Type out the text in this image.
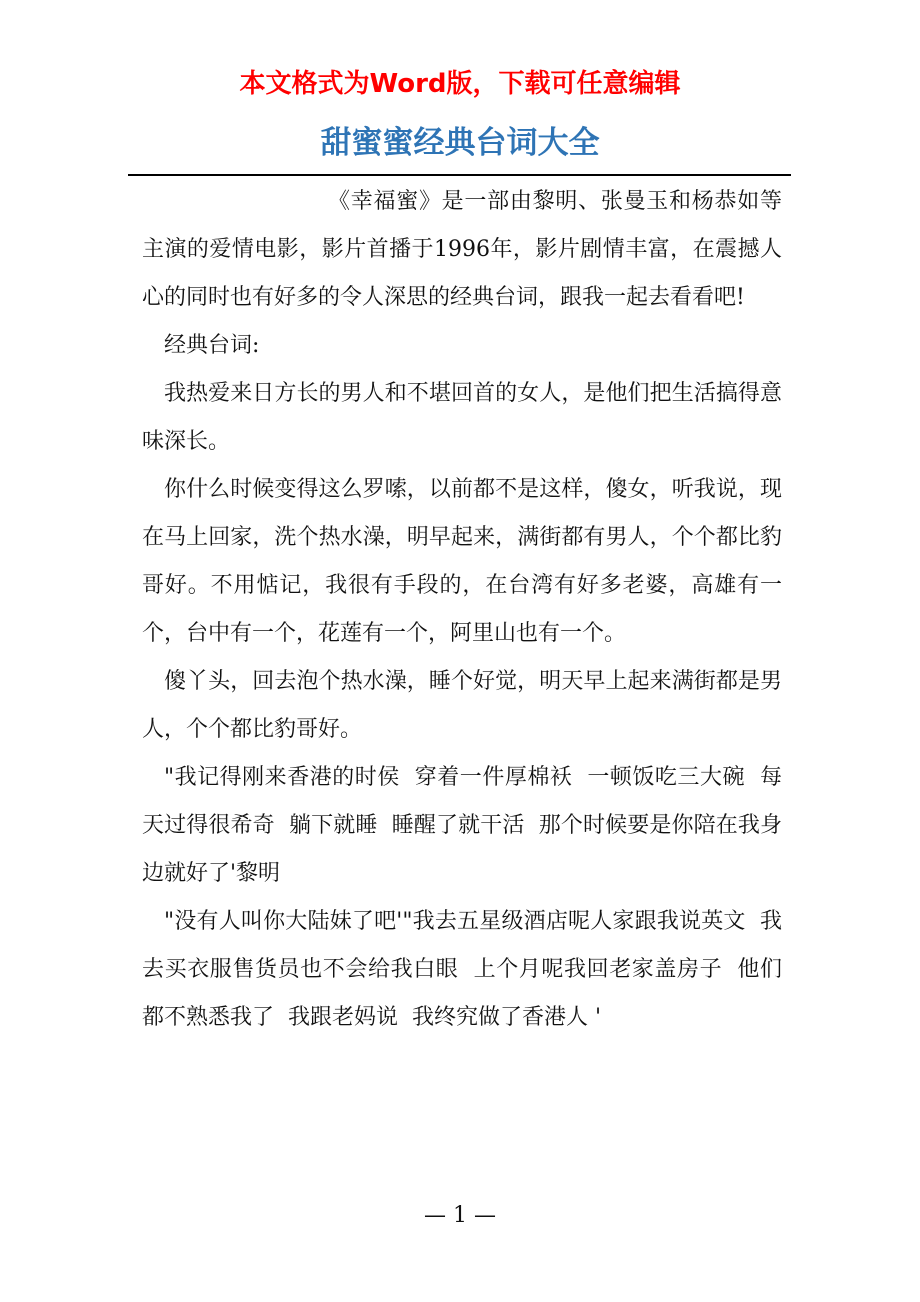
本文格式为Word版，下载可任意编辑
甜蜜蜜经典台词大全

《幸福蜜》是一部由黎明、张曼玉和杨恭如等主演的爱情电影，影片首播于1996年，影片剧情丰富，在震撼人心的同时也有好多的令人深思的经典台词，跟我一起去看看吧!

经典台词:

我热爱来日方长的男人和不堪回首的女人，是他们把生活搞得意味深长。

你什么时候变得这么罗嗦，以前都不是这样，傻女，听我说，现在马上回家，洗个热水澡，明早起来，满街都有男人，个个都比豹哥好。不用惦记，我很有手段的，在台湾有好多老婆，高雄有一个，台中有一个，花莲有一个，阿里山也有一个。

傻丫头，回去泡个热水澡，睡个好觉，明天早上起来满街都是男人，个个都比豹哥好。

"我记得刚来香港的时侯  穿着一件厚棉袄  一顿饭吃三大碗  每天过得很希奇  躺下就睡  睡醒了就干活  那个时候要是你陪在我身边就好了'黎明

"没有人叫你大陆妹了吧'"我去五星级酒店呢人家跟我说英文  我去买衣服售货员也不会给我白眼  上个月呢我回老家盖房子  他们都不熟悉我了  我跟老妈说  我终究做了香港人 '

— 1 —
